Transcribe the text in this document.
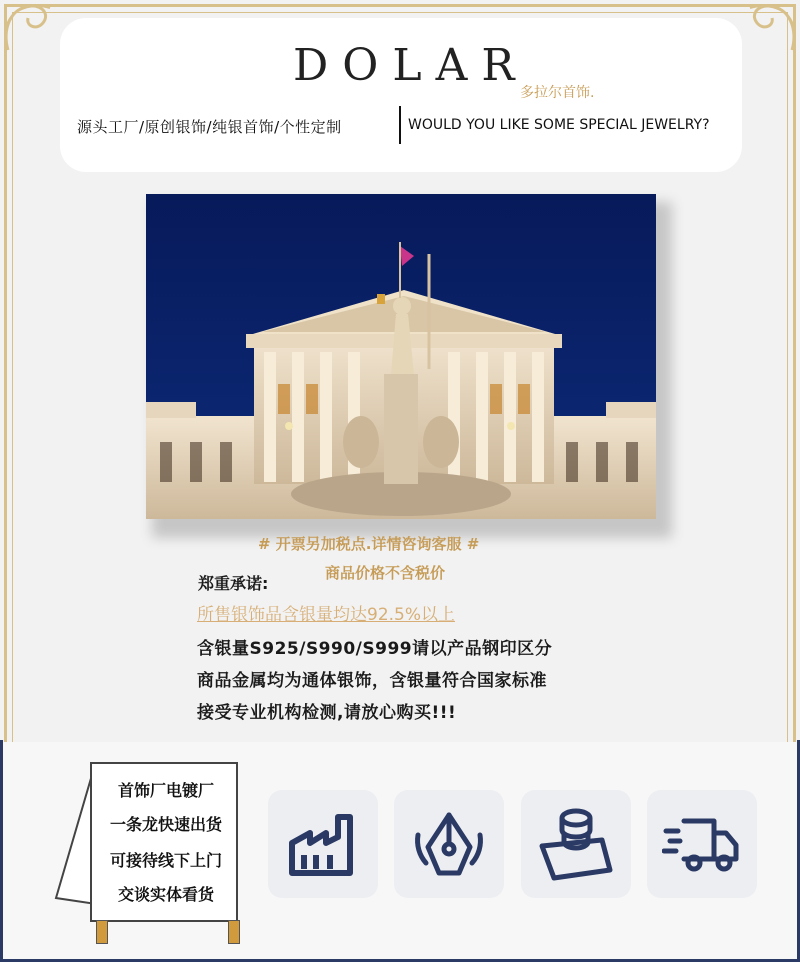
DOLAR
多拉尔首饰.
源头工厂/原创银饰/纯银首饰/个性定制	WOULD YOU LIKE SOME SPECIAL JEWELRY?
# 开票另加税点.详情咨询客服 #
商品价格不含税价
郑重承诺:
所售银饰品含银量均达92.5%以上
含银量S925/S990/S999请以产品钢印区分
商品金属均为通体银饰，含银量符合国家标准
接受专业机构检测,请放心购买!!!
首饰厂电镀厂
一条龙快速出货
可接待线下上门
交谈实体看货
